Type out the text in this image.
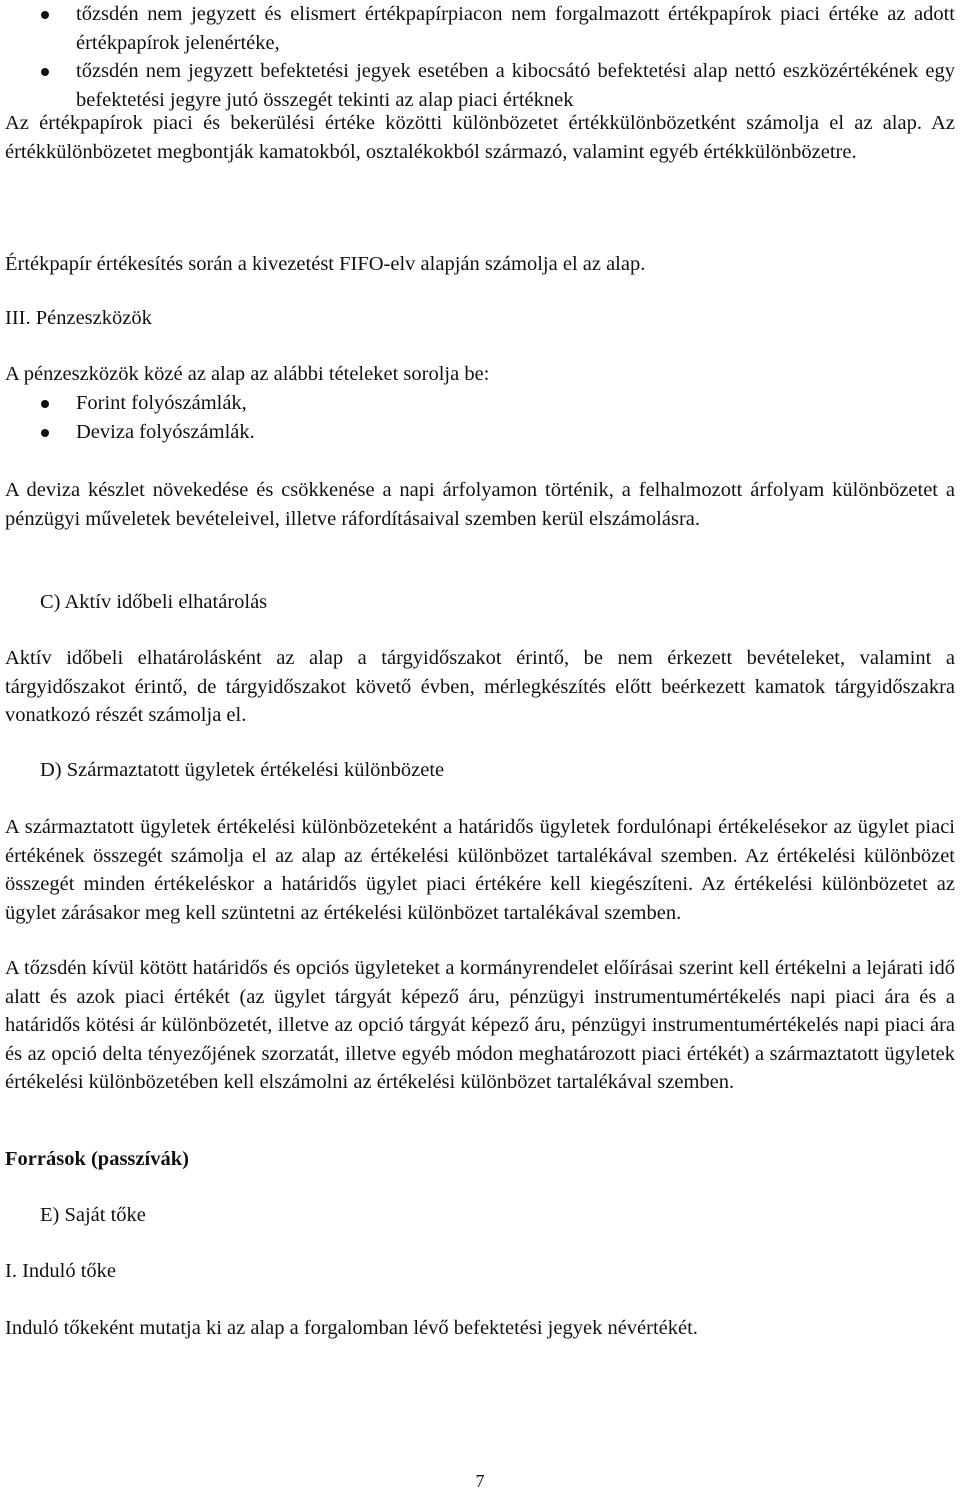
tőzsdén nem jegyzett és elismert értékpapírpiacon nem forgalmazott értékpapírok piaci értéke az adott értékpapírok jelenértéke,
tőzsdén nem jegyzett befektetési jegyek esetében a kibocsátó befektetési alap nettó eszközértékének egy befektetési jegyre jutó összegét tekinti az alap piaci értéknek

Az értékpapírok piaci és bekerülési értéke közötti különbözetet értékkülönbözetként számolja el az alap. Az értékkülönbözetet megbontják kamatokból, osztalékokból származó, valamint egyéb értékkülönbözetre.

Értékpapír értékesítés során a kivezetést FIFO-elv alapján számolja el az alap.

III. Pénzeszközök

A pénzeszközök közé az alap az alábbi tételeket sorolja be:

Forint folyószámlák,
Deviza folyószámlák.

A deviza készlet növekedése és csökkenése a napi árfolyamon történik, a felhalmozott árfolyam különbözetet a pénzügyi műveletek bevételeivel, illetve ráfordításaival szemben kerül elszámolásra.

C) Aktív időbeli elhatárolás

Aktív időbeli elhatárolásként az alap a tárgyidőszakot érintő, be nem érkezett bevételeket, valamint a tárgyidőszakot érintő, de tárgyidőszakot követő évben, mérlegkészítés előtt beérkezett kamatok tárgyidőszakra vonatkozó részét számolja el.

D) Származtatott ügyletek értékelési különbözete

A származtatott ügyletek értékelési különbözeteként a határidős ügyletek fordulónapi értékelésekor az ügylet piaci értékének összegét számolja el az alap az értékelési különbözet tartalékával szemben. Az értékelési különbözet összegét minden értékeléskor a határidős ügylet piaci értékére kell kiegészíteni. Az értékelési különbözetet az ügylet zárásakor meg kell szüntetni az értékelési különbözet tartalékával szemben.

A tőzsdén kívül kötött határidős és opciós ügyleteket a kormányrendelet előírásai szerint kell értékelni a lejárati idő alatt és azok piaci értékét (az ügylet tárgyát képező áru, pénzügyi instrumentumértékelés napi piaci ára és a határidős kötési ár különbözetét, illetve az opció tárgyát képező áru, pénzügyi instrumentumértékelés napi piaci ára és az opció delta tényezőjének szorzatát, illetve egyéb módon meghatározott piaci értékét) a származtatott ügyletek értékelési különbözetében kell elszámolni az értékelési különbözet tartalékával szemben.

Források (passzívák)

E) Saját tőke

I. Induló tőke

Induló tőkeként mutatja ki az alap a forgalomban lévő befektetési jegyek névértékét.

7
